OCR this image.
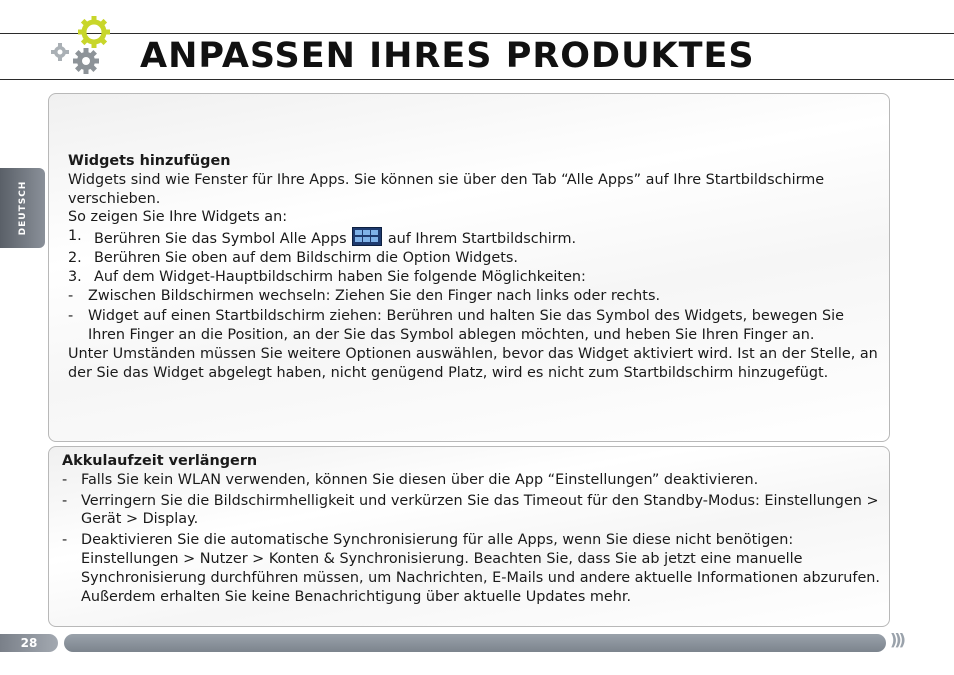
ANPASSEN IHRES PRODUKTES
DEUTSCH
Widgets hinzufügen

Widgets sind wie Fenster für Ihre Apps. Sie können sie über den Tab “Alle Apps” auf Ihre Startbildschirme verschieben.

So zeigen Sie Ihre Widgets an:

1. Berühren Sie das Symbol Alle Apps
auf Ihrem Startbildschirm.
2. Berühren Sie oben auf dem Bildschirm die Option Widgets.
3. Auf dem Widget-Hauptbildschirm haben Sie folgende Möglichkeiten:
-	Zwischen Bildschirmen wechseln: Ziehen Sie den Finger nach links oder rechts.
-	Widget auf einen Startbildschirm ziehen: Berühren und halten Sie das Symbol des Widgets, bewegen Sie Ihren Finger an die Position, an der Sie das Symbol ablegen möchten, und heben Sie Ihren Finger an.

Unter Umständen müssen Sie weitere Optionen auswählen, bevor das Widget aktiviert wird. Ist an der Stelle, an der Sie das Widget abgelegt haben, nicht genügend Platz, wird es nicht zum Startbildschirm hinzugefügt.

Akkulaufzeit verlängern
- Falls Sie kein WLAN verwenden, können Sie diesen über die App “Einstellungen” deaktivieren.
- Verringern Sie die Bildschirmhelligkeit und verkürzen Sie das Timeout für den Standby-Modus: Einstellungen > Gerät > Display.
- Deaktivieren Sie die automatische Synchronisierung für alle Apps, wenn Sie diese nicht benötigen: Einstellungen > Nutzer > Konten & Synchronisierung. Beachten Sie, dass Sie ab jetzt eine manuelle Synchronisierung durchführen müssen, um Nachrichten, E-Mails und andere aktuelle Informationen abzurufen. Außerdem erhalten Sie keine Benachrichtigung über aktuelle Updates mehr.
28	)))
